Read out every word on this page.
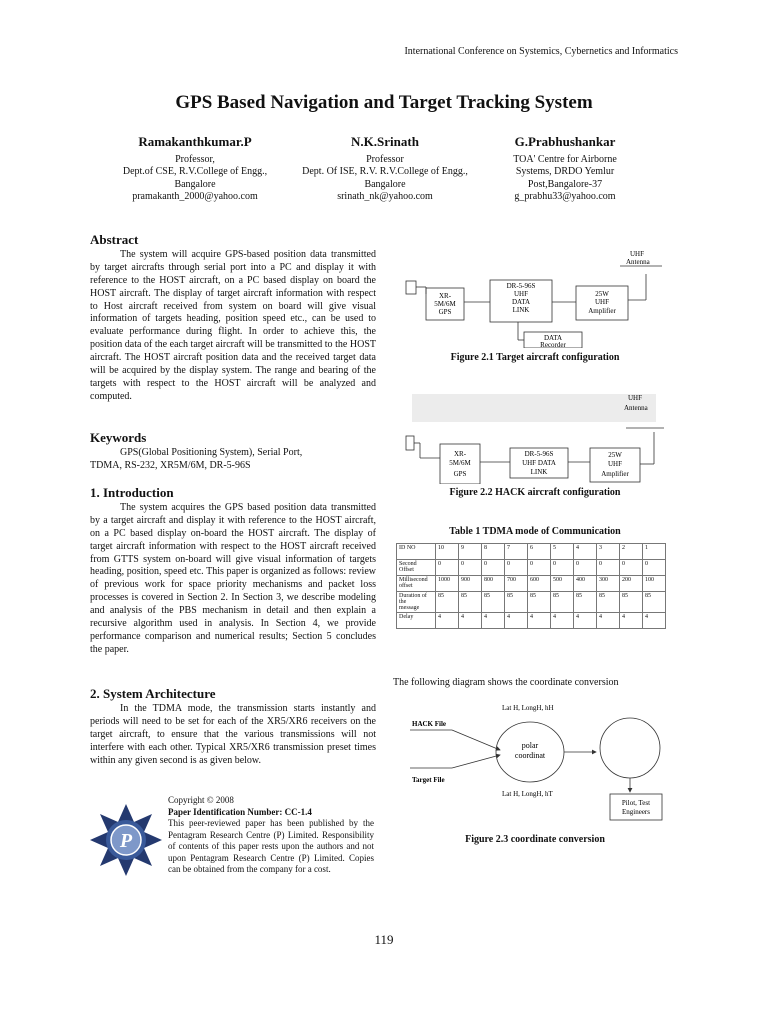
International Conference on Systemics, Cybernetics and Informatics
GPS Based Navigation and Target Tracking System
Ramakanthkumar.P
Professor,
Dept.of CSE, R.V.College of Engg.,
Bangalore
pramakanth_2000@yahoo.com
N.K.Srinath
Professor
Dept. Of ISE, R.V. R.V.College of Engg.,
Bangalore
srinath_nk@yahoo.com
G.Prabhushankar
TOA' Centre for Airborne
Systems, DRDO Yemlur
Post,Bangalore-37
g_prabhu33@yahoo.com
Abstract

The system will acquire GPS-based position data transmitted by target aircrafts through serial port into a PC and display it with reference to the HOST aircraft, on a PC based display on board the HOST aircraft. The display of target aircraft information with respect to Host aircraft received from system on board will give visual information of targets heading, position speed etc., can be used to evaluate performance during flight. In order to achieve this, the position data of the each target aircraft will be transmitted to the HOST aircraft. The HOST aircraft position data and the received target data will be acquired by the display system. The range and bearing of the targets with respect to the HOST aircraft will be analyzed and computed.

Keywords

GPS(Global Positioning System), Serial Port,

TDMA, RS-232, XR5M/6M, DR-5-96S

1. Introduction

The system acquires the GPS based position data transmitted by a target aircraft and display it with reference to the HOST aircraft, on a PC based display on-board the HOST aircraft. The display of target aircraft information with respect to the HOST aircraft received from GTTS system on-board will give visual information of targets heading, position, speed etc. This paper is organized as follows: review of previous work for space priority mechanisms and packet loss processes is covered in Section 2. In Section 3, we describe modeling and analysis of the PBS mechanism in detail and then explain a recursive algorithm used in analysis. In Section 4, we provide performance comparison and numerical results; Section 5 concludes the paper.

2. System Architecture

In the TDMA mode, the transmission starts instantly and periods will need to be set for each of the XR5/XR6 receivers on the target aircraft, to ensure that the various transmissions will not interfere with each other. Typical XR5/XR6 transmission preset times within any given second is as given below.

P
Copyright © 2008
Paper Identification Number: CC-1.4
This peer-reviewed paper has been published by the Pentagram Research Centre (P) Limited. Responsibility of contents of this paper rests upon the authors and not upon Pentagram Research Centre (P) Limited. Copies can be obtained from the company for a cost.
UHF
Antenna
XR-
5M/6M
GPS
DR-5-96S
UHF
DATA
LINK
25W
UHF
Amplifier
DATA
Recorder
Figure 2.1 Target aircraft configuration
UHF
Antenna
XR-
5M/6M
GPS
DR-5-96S
UHF DATA
LINK
25W
UHF
Amplifier
Figure 2.2 HACK aircraft configuration
Table 1 TDMA mode of Communication
ID NO	10	9	8	7	6	5	4	3	2	1

Second
Offset	0	0	0	0	0	0	0	0	0	0

Millisecond
offset	1000	900	800	700	600	500	400	300	200	100

Duration of
the
message	85	85	85	85	85	85	85	85	85	85

Delay	4	4	4	4	4	4	4	4	4	4
The following diagram shows the coordinate conversion
HACK File
Target File
Lat H, LongH, hH
Lat H, LongH, hT
polar
coordinat
Pilot, Test
Engineers
Figure 2.3 coordinate conversion
119
